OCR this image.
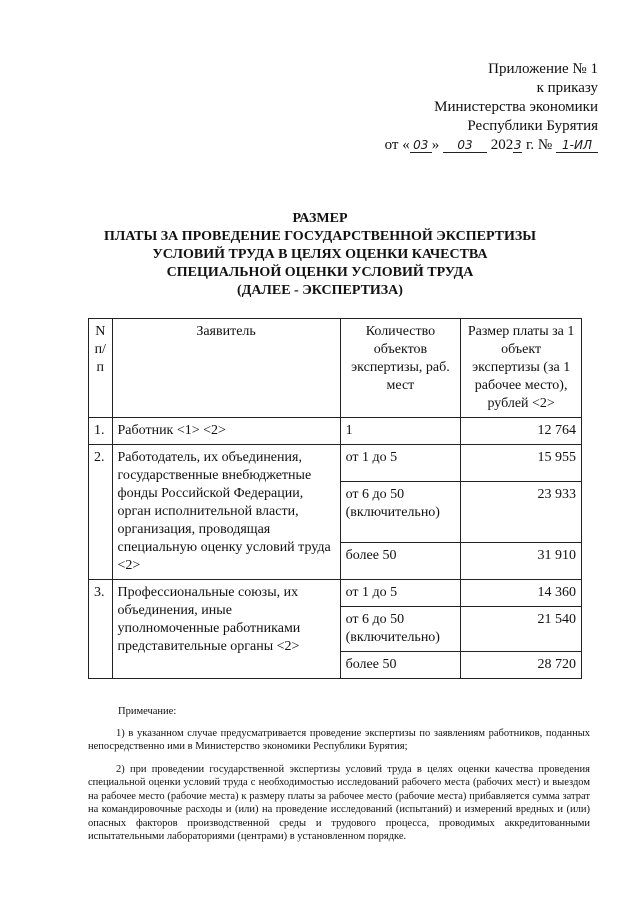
Приложение № 1
к приказу
Министерства экономики
Республики Бурятия
от « 03 » 03 2023 г. № 1-ИЛ
РАЗМЕР
ПЛАТЫ ЗА ПРОВЕДЕНИЕ ГОСУДАРСТВЕННОЙ ЭКСПЕРТИЗЫ
УСЛОВИЙ ТРУДА В ЦЕЛЯХ ОЦЕНКИ КАЧЕСТВА
СПЕЦИАЛЬНОЙ ОЦЕНКИ УСЛОВИЙ ТРУДА
(ДАЛЕЕ - ЭКСПЕРТИЗА)
N п/п	Заявитель	Количество объектов экспертизы, раб. мест	Размер платы за 1 объект экспертизы (за 1 рабочее место), рублей <2>
1.	Работник <1> <2>	1	12 764
2.	Работодатель, их объединения, государственные внебюджетные фонды Российской Федерации, орган исполнительной власти, организация, проводящая специальную оценку условий труда <2>	от 1 до 5	15 955
		от 6 до 50 (включительно)	23 933
		более 50	31 910
3.	Профессиональные союзы, их объединения, иные уполномоченные работниками представительные органы <2>	от 1 до 5	14 360
		от 6 до 50 (включительно)	21 540
		более 50	28 720

Примечание:

1) в указанном случае предусматривается проведение экспертизы по заявлениям работников, поданных непосредственно ими в Министерство экономики Республики Бурятия;

2) при проведении государственной экспертизы условий труда в целях оценки качества проведения специальной оценки условий труда с необходимостью исследований рабочего места (рабочих мест) и выездом на рабочее место (рабочие места) к размеру платы за рабочее место (рабочие места) прибавляется сумма затрат на командировочные расходы и (или) на проведение исследований (испытаний) и измерений вредных и (или) опасных факторов производственной среды и трудового процесса, проводимых аккредитованными испытательными лабораториями (центрами) в установленном порядке.
